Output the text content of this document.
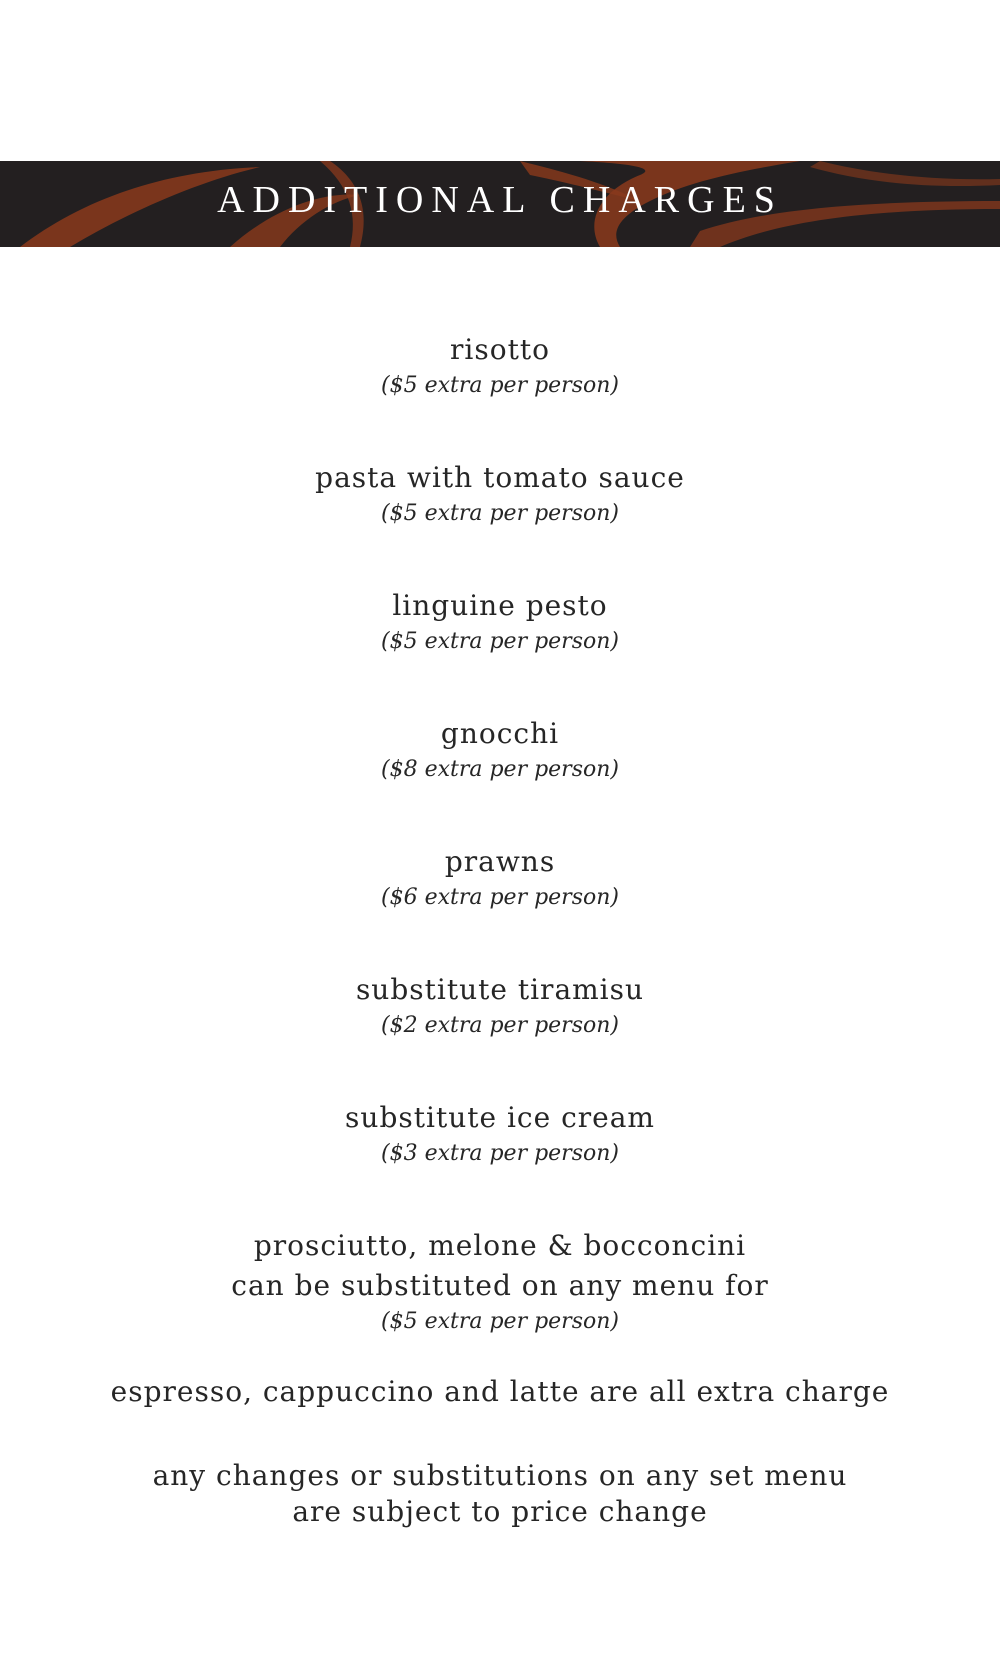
ADDITIONAL CHARGES
risotto
($5 extra per person)
pasta with tomato sauce
($5 extra per person)
linguine pesto
($5 extra per person)
gnocchi
($8 extra per person)
prawns
($6 extra per person)
substitute tiramisu
($2 extra per person)
substitute ice cream
($3 extra per person)
prosciutto, melone & bocconcini
can be substituted on any menu for
($5 extra per person)
espresso, cappuccino and latte are all extra charge
any changes or substitutions on any set menu
are subject to price change
